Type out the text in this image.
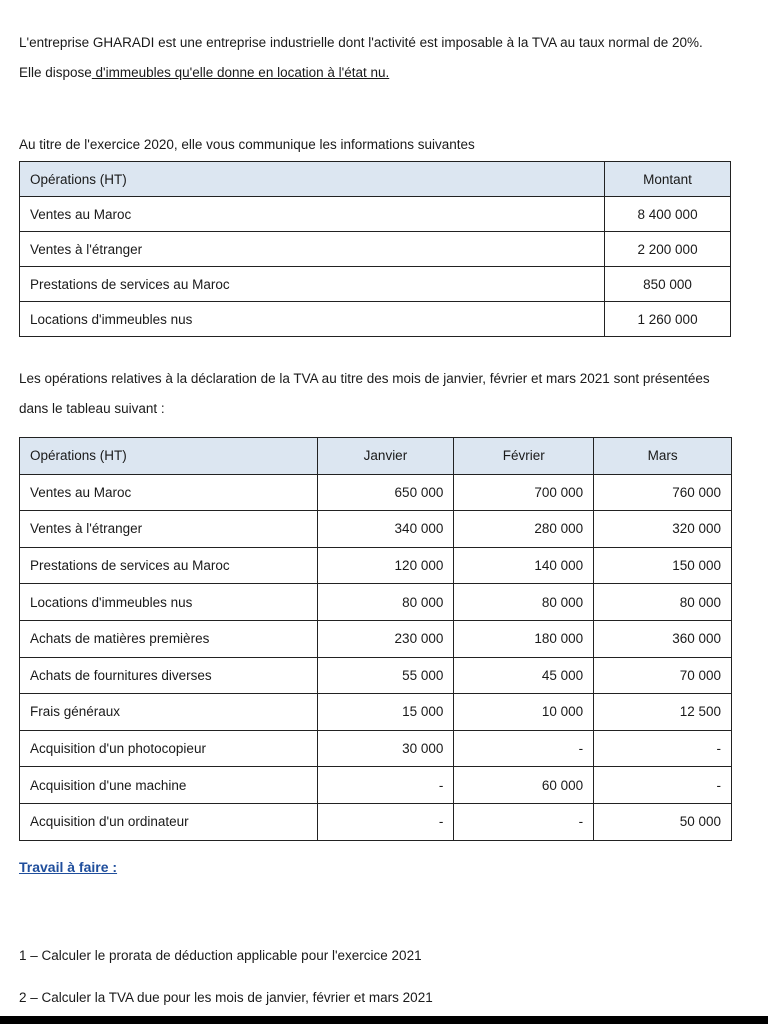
L'entreprise GHARADI est une entreprise industrielle dont l'activité est imposable à la TVA au taux normal de 20%.
Elle dispose d'immeubles qu'elle donne en location à l'état nu.
Au titre de l'exercice 2020, elle vous communique les informations suivantes
Opérations (HT)	Montant
Ventes au Maroc	8 400 000
Ventes à l'étranger	2 200 000
Prestations de services au Maroc	850 000
Locations d'immeubles nus	1 260 000
Les opérations relatives à la déclaration de la TVA au titre des mois de janvier, février et mars 2021 sont présentées
dans le tableau suivant :
Opérations (HT)	Janvier	Février	Mars
Ventes au Maroc	650 000	700 000	760 000
Ventes à l'étranger	340 000	280 000	320 000
Prestations de services au Maroc	120 000	140 000	150 000
Locations d'immeubles nus	80 000	80 000	80 000
Achats de matières premières	230 000	180 000	360 000
Achats de fournitures diverses	55 000	45 000	70 000
Frais généraux	15 000	10 000	12 500
Acquisition d'un photocopieur	30 000	-	-
Acquisition d'une machine	-	60 000	-
Acquisition d'un ordinateur	-	-	50 000
Travail à faire :
1 – Calculer le prorata de déduction applicable pour l'exercice 2021
2 – Calculer la TVA due pour les mois de janvier, février et mars 2021
